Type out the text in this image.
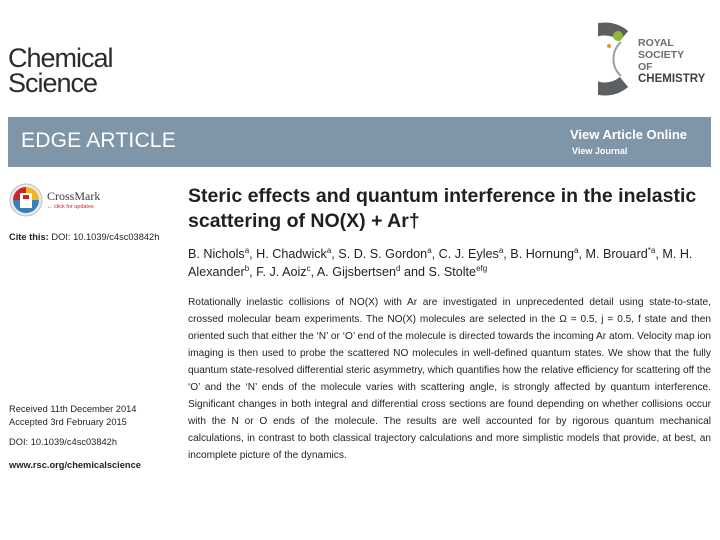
Chemical
Science
ROYAL SOCIETY
OF CHEMISTRY
EDGE ARTICLE	View Article Online
View Journal
CrossMark
← click for updates
Cite this: DOI: 10.1039/c4sc03842h
Steric effects and quantum interference in the inelastic scattering of NO(X) + Ar†
B. Nichols$^a$, H. Chadwick$^a$, S. D. S. Gordon$^a$, C. J. Eyles$^a$, B. Hornung$^a$, M. Brouard$^{*a}$, M. H. Alexander$^b$, F. J. Aoiz$^c$, A. Gijsbertsen$^d$ and S. Stolte$^{efg}$

Rotationally inelastic collisions of NO(X) with Ar are investigated in unprecedented detail using state-to-state, crossed molecular beam experiments. The NO(X) molecules are selected in the Ω = 0.5, j = 0.5, f state and then oriented such that either the ‘N’ or ‘O’ end of the molecule is directed towards the incoming Ar atom. Velocity map ion imaging is then used to probe the scattered NO molecules in well-defined quantum states. We show that the fully quantum state-resolved differential steric asymmetry, which quantifies how the relative efficiency for scattering off the ‘O’ and the ‘N’ ends of the molecule varies with scattering angle, is strongly affected by quantum interference. Significant changes in both integral and differential cross sections are found depending on whether collisions occur with the N or O ends of the molecule. The results are well accounted for by rigorous quantum mechanical calculations, in contrast to both classical trajectory calculations and more simplistic models that provide, at best, an incomplete picture of the dynamics.

Received 11th December 2014
Accepted 3rd February 2015
DOI: 10.1039/c4sc03842h
www.rsc.org/chemicalscience
